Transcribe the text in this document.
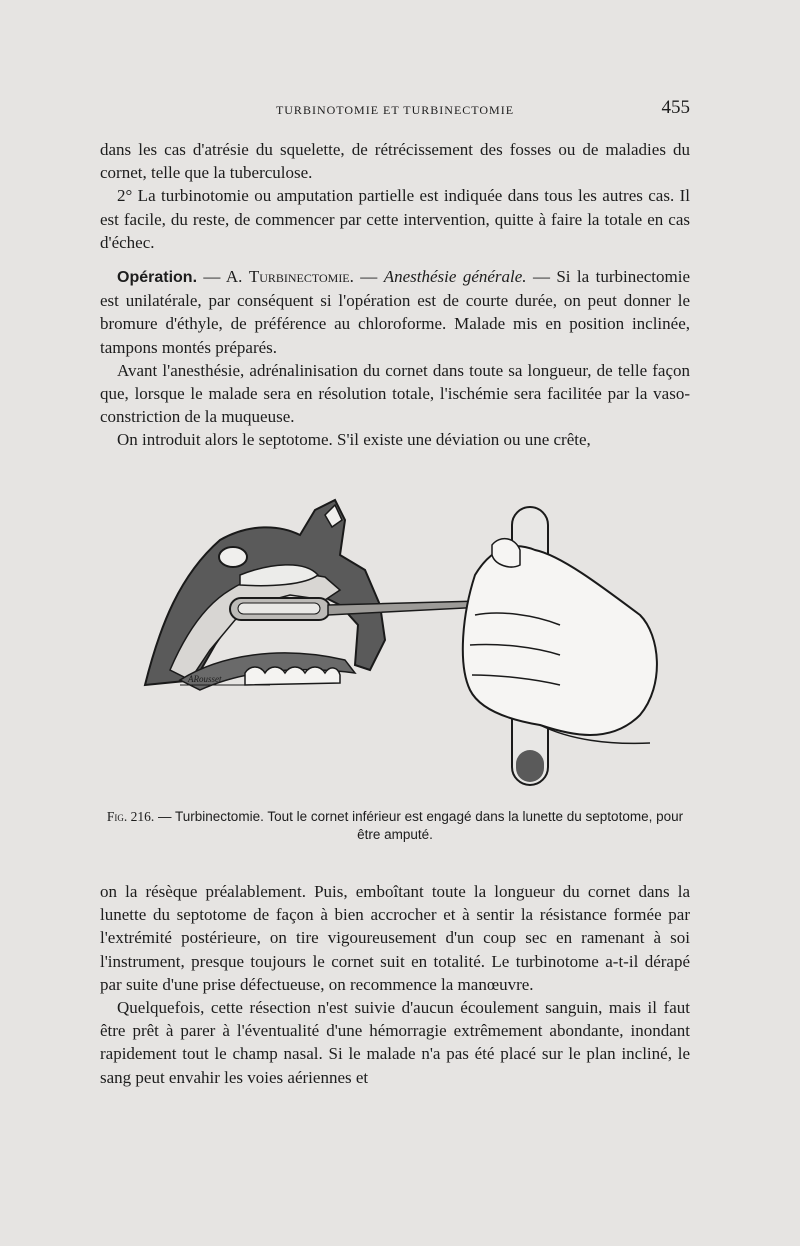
TURBINOTOMIE ET TURBINECTOMIE	455

dans les cas d'atrésie du squelette, de rétrécissement des fosses ou de maladies du cornet, telle que la tuberculose.

2° La turbinotomie ou amputation partielle est indiquée dans tous les autres cas. Il est facile, du reste, de commencer par cette intervention, quitte à faire la totale en cas d'échec.

Opération. — A. Turbinectomie. — Anesthésie générale. — Si la turbinectomie est unilatérale, par conséquent si l'opération est de courte durée, on peut donner le bromure d'éthyle, de préférence au chloroforme. Malade mis en position inclinée, tampons montés préparés.

Avant l'anesthésie, adrénalinisation du cornet dans toute sa longueur, de telle façon que, lorsque le malade sera en résolution totale, l'ischémie sera facilitée par la vaso-constriction de la muqueuse.

On introduit alors le septotome. S'il existe une déviation ou une crête,

ARousset
Fig. 216. — Turbinectomie. Tout le cornet inférieur est engagé dans la lunette du septotome, pour être amputé.

on la résèque préalablement. Puis, emboîtant toute la longueur du cornet dans la lunette du septotome de façon à bien accrocher et à sentir la résistance formée par l'extrémité postérieure, on tire vigoureusement d'un coup sec en ramenant à soi l'instrument, presque toujours le cornet suit en totalité. Le turbinotome a-t-il dérapé par suite d'une prise défectueuse, on recommence la manœuvre.

Quelquefois, cette résection n'est suivie d'aucun écoulement sanguin, mais il faut être prêt à parer à l'éventualité d'une hémorragie extrêmement abondante, inondant rapidement tout le champ nasal. Si le malade n'a pas été placé sur le plan incliné, le sang peut envahir les voies aériennes et
